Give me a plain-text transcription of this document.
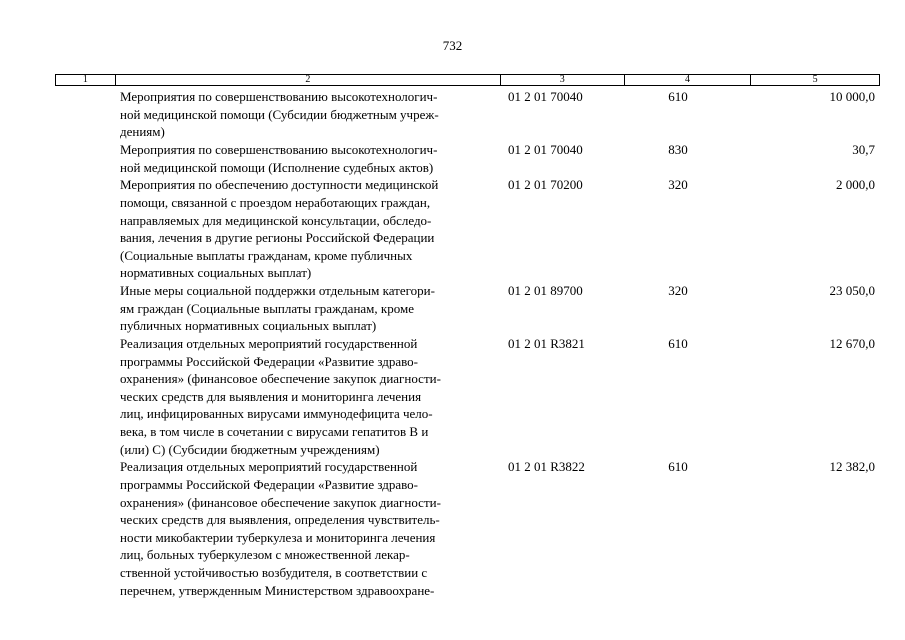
732
1	2	3	4	5
Мероприятия по совершенствованию высокотехнологич-
ной медицинской помощи (Субсидии бюджетным учреж-
дениям)
01 2 01 70040	610	10 000,0
Мероприятия по совершенствованию высокотехнологич-
ной медицинской помощи (Исполнение судебных актов)
01 2 01 70040	830	30,7
Мероприятия по обеспечению доступности медицинской
помощи, связанной с проездом неработающих граждан,
направляемых для медицинской консультации, обследо-
вания, лечения в другие регионы Российской Федерации
(Социальные выплаты гражданам, кроме публичных
нормативных социальных выплат)
01 2 01 70200	320	2 000,0
Иные меры социальной поддержки отдельным категори-
ям граждан (Социальные выплаты гражданам, кроме
публичных нормативных социальных выплат)
01 2 01 89700	320	23 050,0
Реализация отдельных мероприятий государственной
программы Российской Федерации «Развитие здраво-
охранения» (финансовое обеспечение закупок диагности-
ческих средств для выявления и мониторинга лечения
лиц, инфицированных вирусами иммунодефицита чело-
века, в том числе в сочетании с вирусами гепатитов В и
(или) С) (Субсидии бюджетным учреждениям)
01 2 01 R3821	610	12 670,0
Реализация отдельных мероприятий государственной
программы Российской Федерации «Развитие здраво-
охранения» (финансовое обеспечение закупок диагности-
ческих средств для выявления, определения чувствитель-
ности микобактерии туберкулеза и мониторинга лечения
лиц, больных туберкулезом с множественной лекар-
ственной устойчивостью возбудителя, в соответствии с
перечнем, утвержденным Министерством здравоохране-
01 2 01 R3822	610	12 382,0
